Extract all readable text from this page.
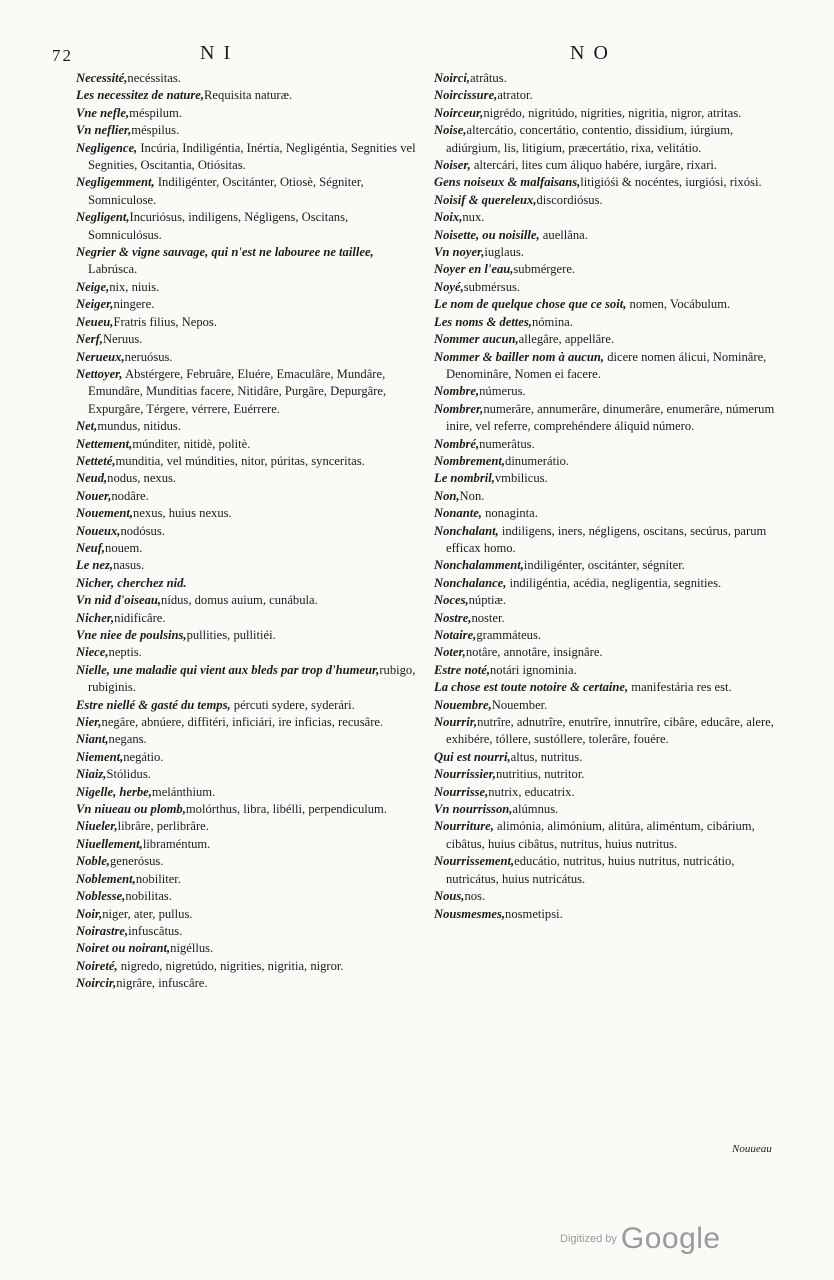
72	N I	N O

Necessité,necéssitas.

Les necessitez de nature,Requisita naturæ.

Vne nefle,méspilum.

Vn neflier,méspilus.

Negligence, Incúria, Indiligéntia, Inértia, Negligéntia, Segnities vel Segnities, Oscitantia, Otiósitas.

Negligemment, Indiligénter, Oscitánter, Otiosè, Ségniter, Somniculose.

Negligent,Incuriósus, indiligens, Négligens, Oscitans, Somniculósus.

Negrier & vigne sauvage, qui n'est ne labouree ne taillee, Labrúsca.

Neige,nix, niuis.

Neiger,ningere.

Neueu,Fratris filius, Nepos.

Nerf,Neruus.

Nerueux,neruósus.

Nettoyer, Abstérgere, Februâre, Eluére, Emaculâre, Mundâre, Emundâre, Munditias facere, Nitidâre, Purgâre, Depurgâre, Expurgâre, Térgere, vérrere, Euérrere.

Net,mundus, nitidus.

Nettement,múnditer, nitidè, politè.

Netteté,munditia, vel múndities, nitor, púritas, synceritas.

Neud,nodus, nexus.

Nouer,nodâre.

Nouement,nexus, huius nexus.

Noueux,nodósus.

Neuf,nouem.

Le nez,nasus.

Nicher, cherchez nid.

Vn nid d'oiseau,nídus, domus auium, cunábula.

Nicher,nidificâre.

Vne niee de poulsins,pullities, pullitiéi.

Niece,neptis.

Nielle, une maladie qui vient aux bleds par trop d'humeur,rubigo, rubiginis.

Estre niellé & gasté du temps, pércuti sydere, syderári.

Nier,negâre, abnúere, diffitéri, inficiári, ire inficias, recusâre.

Niant,negans.

Niement,negátio.

Niaiz,Stólidus.

Nigelle, herbe,melánthium.

Vn niueau ou plomb,molórthus, libra, libélli, perpendiculum.

Niueler,librâre, perlibrâre.

Niuellement,libraméntum.

Noble,generósus.

Noblement,nobiliter.

Noblesse,nobilitas.

Noir,niger, ater, pullus.

Noirastre,infuscâtus.

Noiret ou noirant,nigéllus.

Noireté, nigredo, nigretúdo, nigrities, nigritia, nigror.

Noircir,nigrâre, infuscâre.

Noirci,atrâtus.

Noircissure,atrator.

Noirceur,nigrédo, nigritúdo, nigrities, nigritia, nigror, atritas.

Noise,altercátio, concertátio, contentio, dissidium, iúrgium, adiúrgium, lis, litigium, præcertátio, rixa, velitátio.

Noiser, altercári, lites cum áliquo habére, iurgâre, rixari.

Gens noiseux & malfaisans,litigióśi & nocéntes, iurgiósi, rixósi.

Noisif & quereleux,discordiósus.

Noix,nux.

Noisette, ou noisille, auellâna.

Vn noyer,iuglaus.

Noyer en l'eau,submérgere.

Noyé,submérsus.

Le nom de quelque chose que ce soit, nomen, Vocábulum.

Les noms & dettes,nómina.

Nommer aucun,allegâre, appellâre.

Nommer & bailler nom à aucun, dicere nomen álicui, Nominâre, Denominâre, Nomen ei facere.

Nombre,númerus.

Nombrer,numerâre, annumerâre, dinumerâre, enumerâre, númerum inire, vel referre, comprehéndere áliquid número.

Nombré,numerâtus.

Nombrement,dinumerátio.

Le nombril,vmbilicus.

Non,Non.

Nonante, nonaginta.

Nonchalant, indiligens, iners, négligens, oscitans, secúrus, parum efficax homo.

Nonchalamment,indiligénter, oscitánter, ségniter.

Nonchalance, indiligéntia, acédia, negligentia, segnities.

Noces,núptiæ.

Nostre,noster.

Notaire,grammáteus.

Noter,notâre, annotâre, insignâre.

Estre noté,notári ignominia.

La chose est toute notoire & certaine, manifestária res est.

Nouembre,Nouember.

Nourrir,nutrîre, adnutrîre, enutrîre, innutrîre, cibâre, educâre, alere, exhibére, tóllere, sustóllere, tolerâre, fouére.

Qui est nourri,altus, nutritus.

Nourrissier,nutritius, nutritor.

Nourrisse,nutrix, educatrix.

Vn nourrisson,alúmnus.

Nourriture, alimónia, alimónium, alitúra, aliméntum, cibárium, cibâtus, huius cibâtus, nutritus, huius nutritus.

Nourrissement,educátio, nutritus, huius nutritus, nutricátio, nutricátus, huius nutricátus.

Nous,nos.

Nousmesmes,nosmetipsi.

Nouueau
$^{Digitized by}$ Google
